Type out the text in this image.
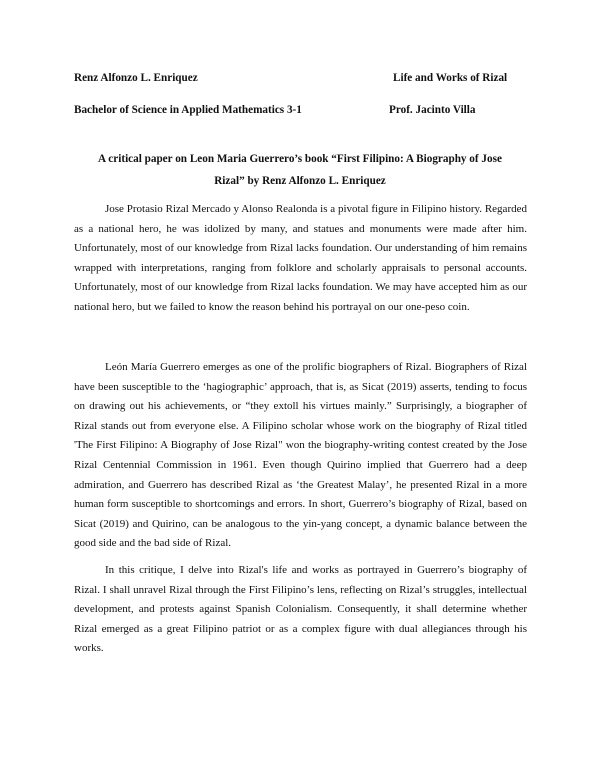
Renz Alfonzo L. Enriquez	Life and Works of Rizal
Bachelor of Science in Applied Mathematics 3-1	Prof. Jacinto Villa
A critical paper on Leon Maria Guerrero’s book “First Filipino: A Biography of Jose
Rizal” by Renz Alfonzo L. Enriquez

Jose Protasio Rizal Mercado y Alonso Realonda is a pivotal figure in Filipino history. Regarded as a national hero, he was idolized by many, and statues and monuments were made after him. Unfortunately, most of our knowledge from Rizal lacks foundation. Our understanding of him remains wrapped with interpretations, ranging from folklore and scholarly appraisals to personal accounts. Unfortunately, most of our knowledge from Rizal lacks foundation. We may have accepted him as our national hero, but we failed to know the reason behind his portrayal on our one-peso coin.

León María Guerrero emerges as one of the prolific biographers of Rizal. Biographers of Rizal have been susceptible to the ‘hagiographic’ approach, that is, as Sicat (2019) asserts, tending to focus on drawing out his achievements, or “they extoll his virtues mainly.” Surprisingly, a biographer of Rizal stands out from everyone else. A Filipino scholar whose work on the biography of Rizal titled 'The First Filipino: A Biography of Jose Rizal" won the biography-writing contest created by the Jose Rizal Centennial Commission in 1961. Even though Quirino implied that Guerrero had a deep admiration, and Guerrero has described Rizal as ‘the Greatest Malay’, he presented Rizal in a more human form susceptible to shortcomings and errors. In short, Guerrero’s biography of Rizal, based on Sicat (2019) and Quirino, can be analogous to the yin-yang concept, a dynamic balance between the good side and the bad side of Rizal.

In this critique, I delve into Rizal's life and works as portrayed in Guerrero’s biography of Rizal. I shall unravel Rizal through the First Filipino’s lens, reflecting on Rizal’s struggles, intellectual development, and protests against Spanish Colonialism. Consequently, it shall determine whether Rizal emerged as a great Filipino patriot or as a complex figure with dual allegiances through his works.
